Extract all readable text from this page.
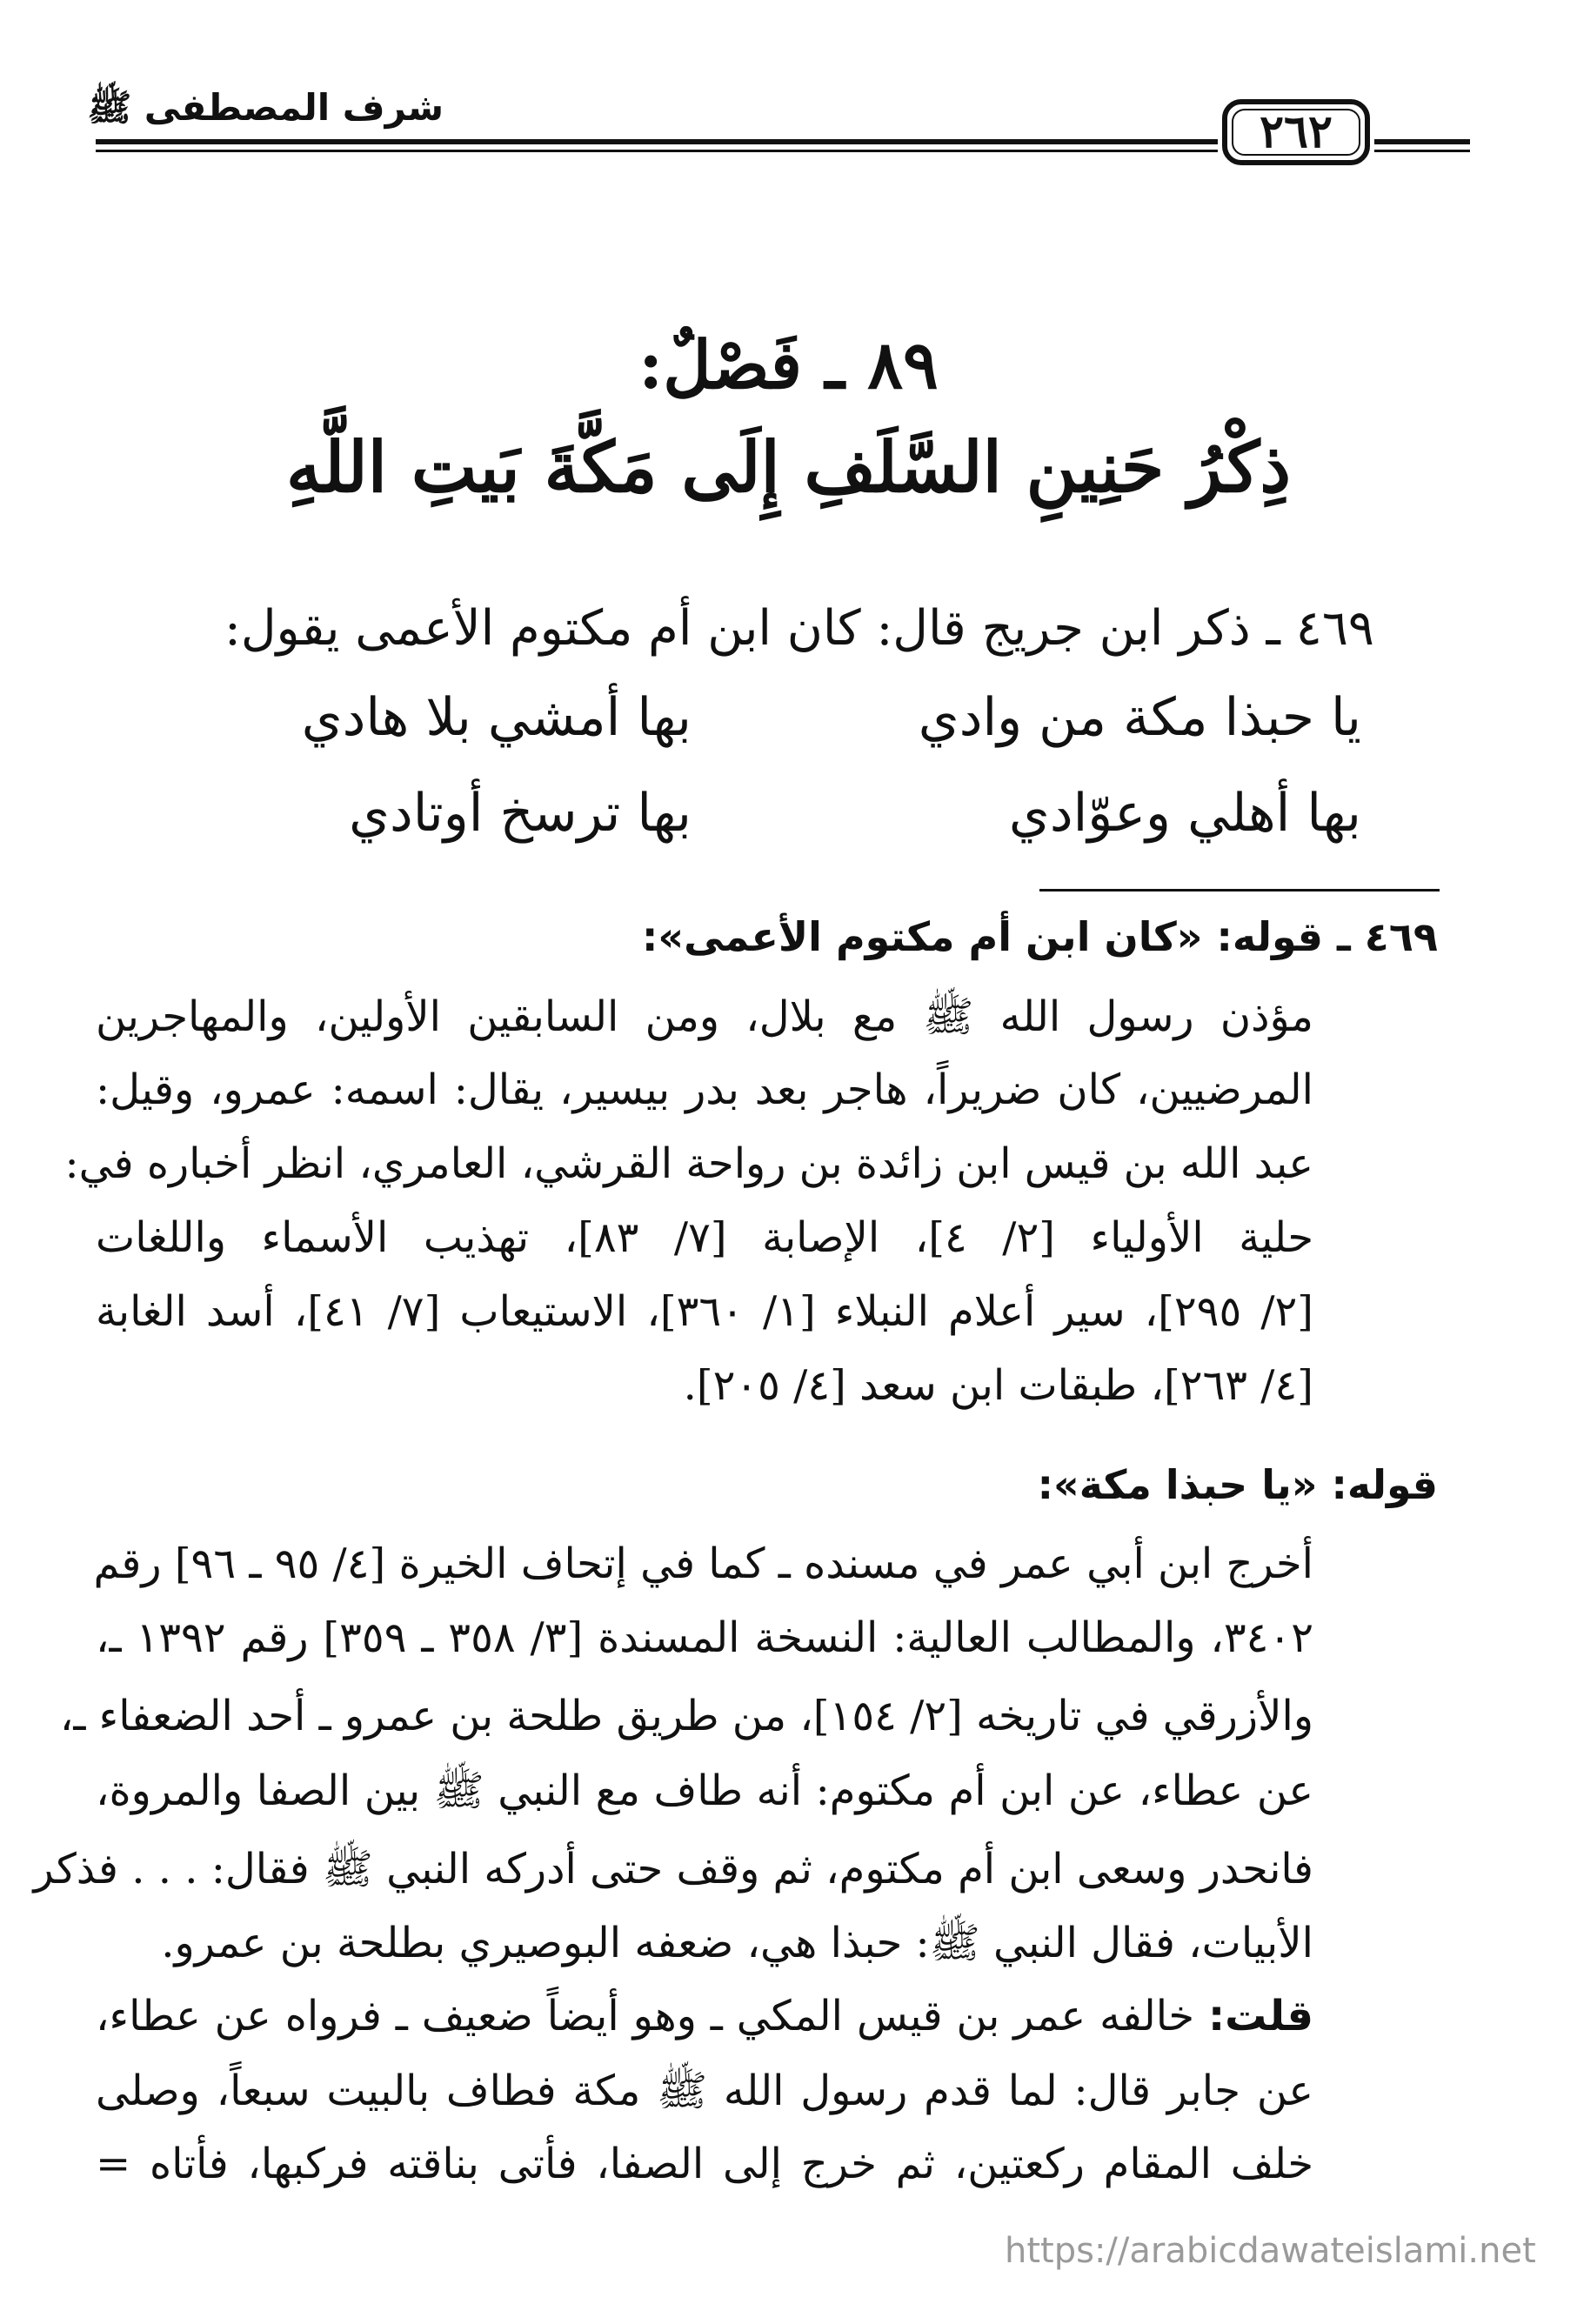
٢٦٢
شرف المصطفى ﷺ
٨٩ ـ فَصْلٌ:
ذِكْرُ حَنِينِ السَّلَفِ إِلَى مَكَّةَ بَيتِ اللَّهِ
٤٦٩ ـ ذكر ابن جريج قال: كان ابن أم مكتوم الأعمى يقول:
يا حبذا مكة من وادي
بها أمشي بلا هادي
بها أهلي وعوّادي
بها ترسخ أوتادي
٤٦٩ ـ قوله: «كان ابن أم مكتوم الأعمى»:
مؤذن رسول الله ﷺ مع بلال، ومن السابقين الأولين، والمهاجرين
المرضيين، كان ضريراً، هاجر بعد بدر بيسير، يقال: اسمه: عمرو، وقيل:
عبد الله بن قيس ابن زائدة بن رواحة القرشي، العامري، انظر أخباره في:
حلية الأولياء [٢/ ٤]، الإصابة [٧/ ٨٣]، تهذيب الأسماء واللغات
[٢/ ٢٩٥]، سير أعلام النبلاء [١/ ٣٦٠]، الاستيعاب [٧/ ٤١]، أسد الغابة
[٤/ ٢٦٣]، طبقات ابن سعد [٤/ ٢٠٥].
قوله: «يا حبذا مكة»:
أخرج ابن أبي عمر في مسنده ـ كما في إتحاف الخيرة [٤/ ٩٥ ـ ٩٦] رقم
٣٤٠٢، والمطالب العالية: النسخة المسندة [٣/ ٣٥٨ ـ ٣٥٩] رقم ١٣٩٢ ـ،
والأزرقي في تاريخه [٢/ ١٥٤]، من طريق طلحة بن عمرو ـ أحد الضعفاء ـ،
عن عطاء، عن ابن أم مكتوم: أنه طاف مع النبي ﷺ بين الصفا والمروة،
فانحدر وسعى ابن أم مكتوم، ثم وقف حتى أدركه النبي ﷺ فقال: . . . فذكر
الأبيات، فقال النبي ﷺ: حبذا هي، ضعفه البوصيري بطلحة بن عمرو.
قلت: خالفه عمر بن قيس المكي ـ وهو أيضاً ضعيف ـ فرواه عن عطاء،
عن جابر قال: لما قدم رسول الله ﷺ مكة فطاف بالبيت سبعاً، وصلى
خلف المقام ركعتين، ثم خرج إلى الصفا، فأتى بناقته فركبها، فأتاه =
https://arabicdawateislami.net
